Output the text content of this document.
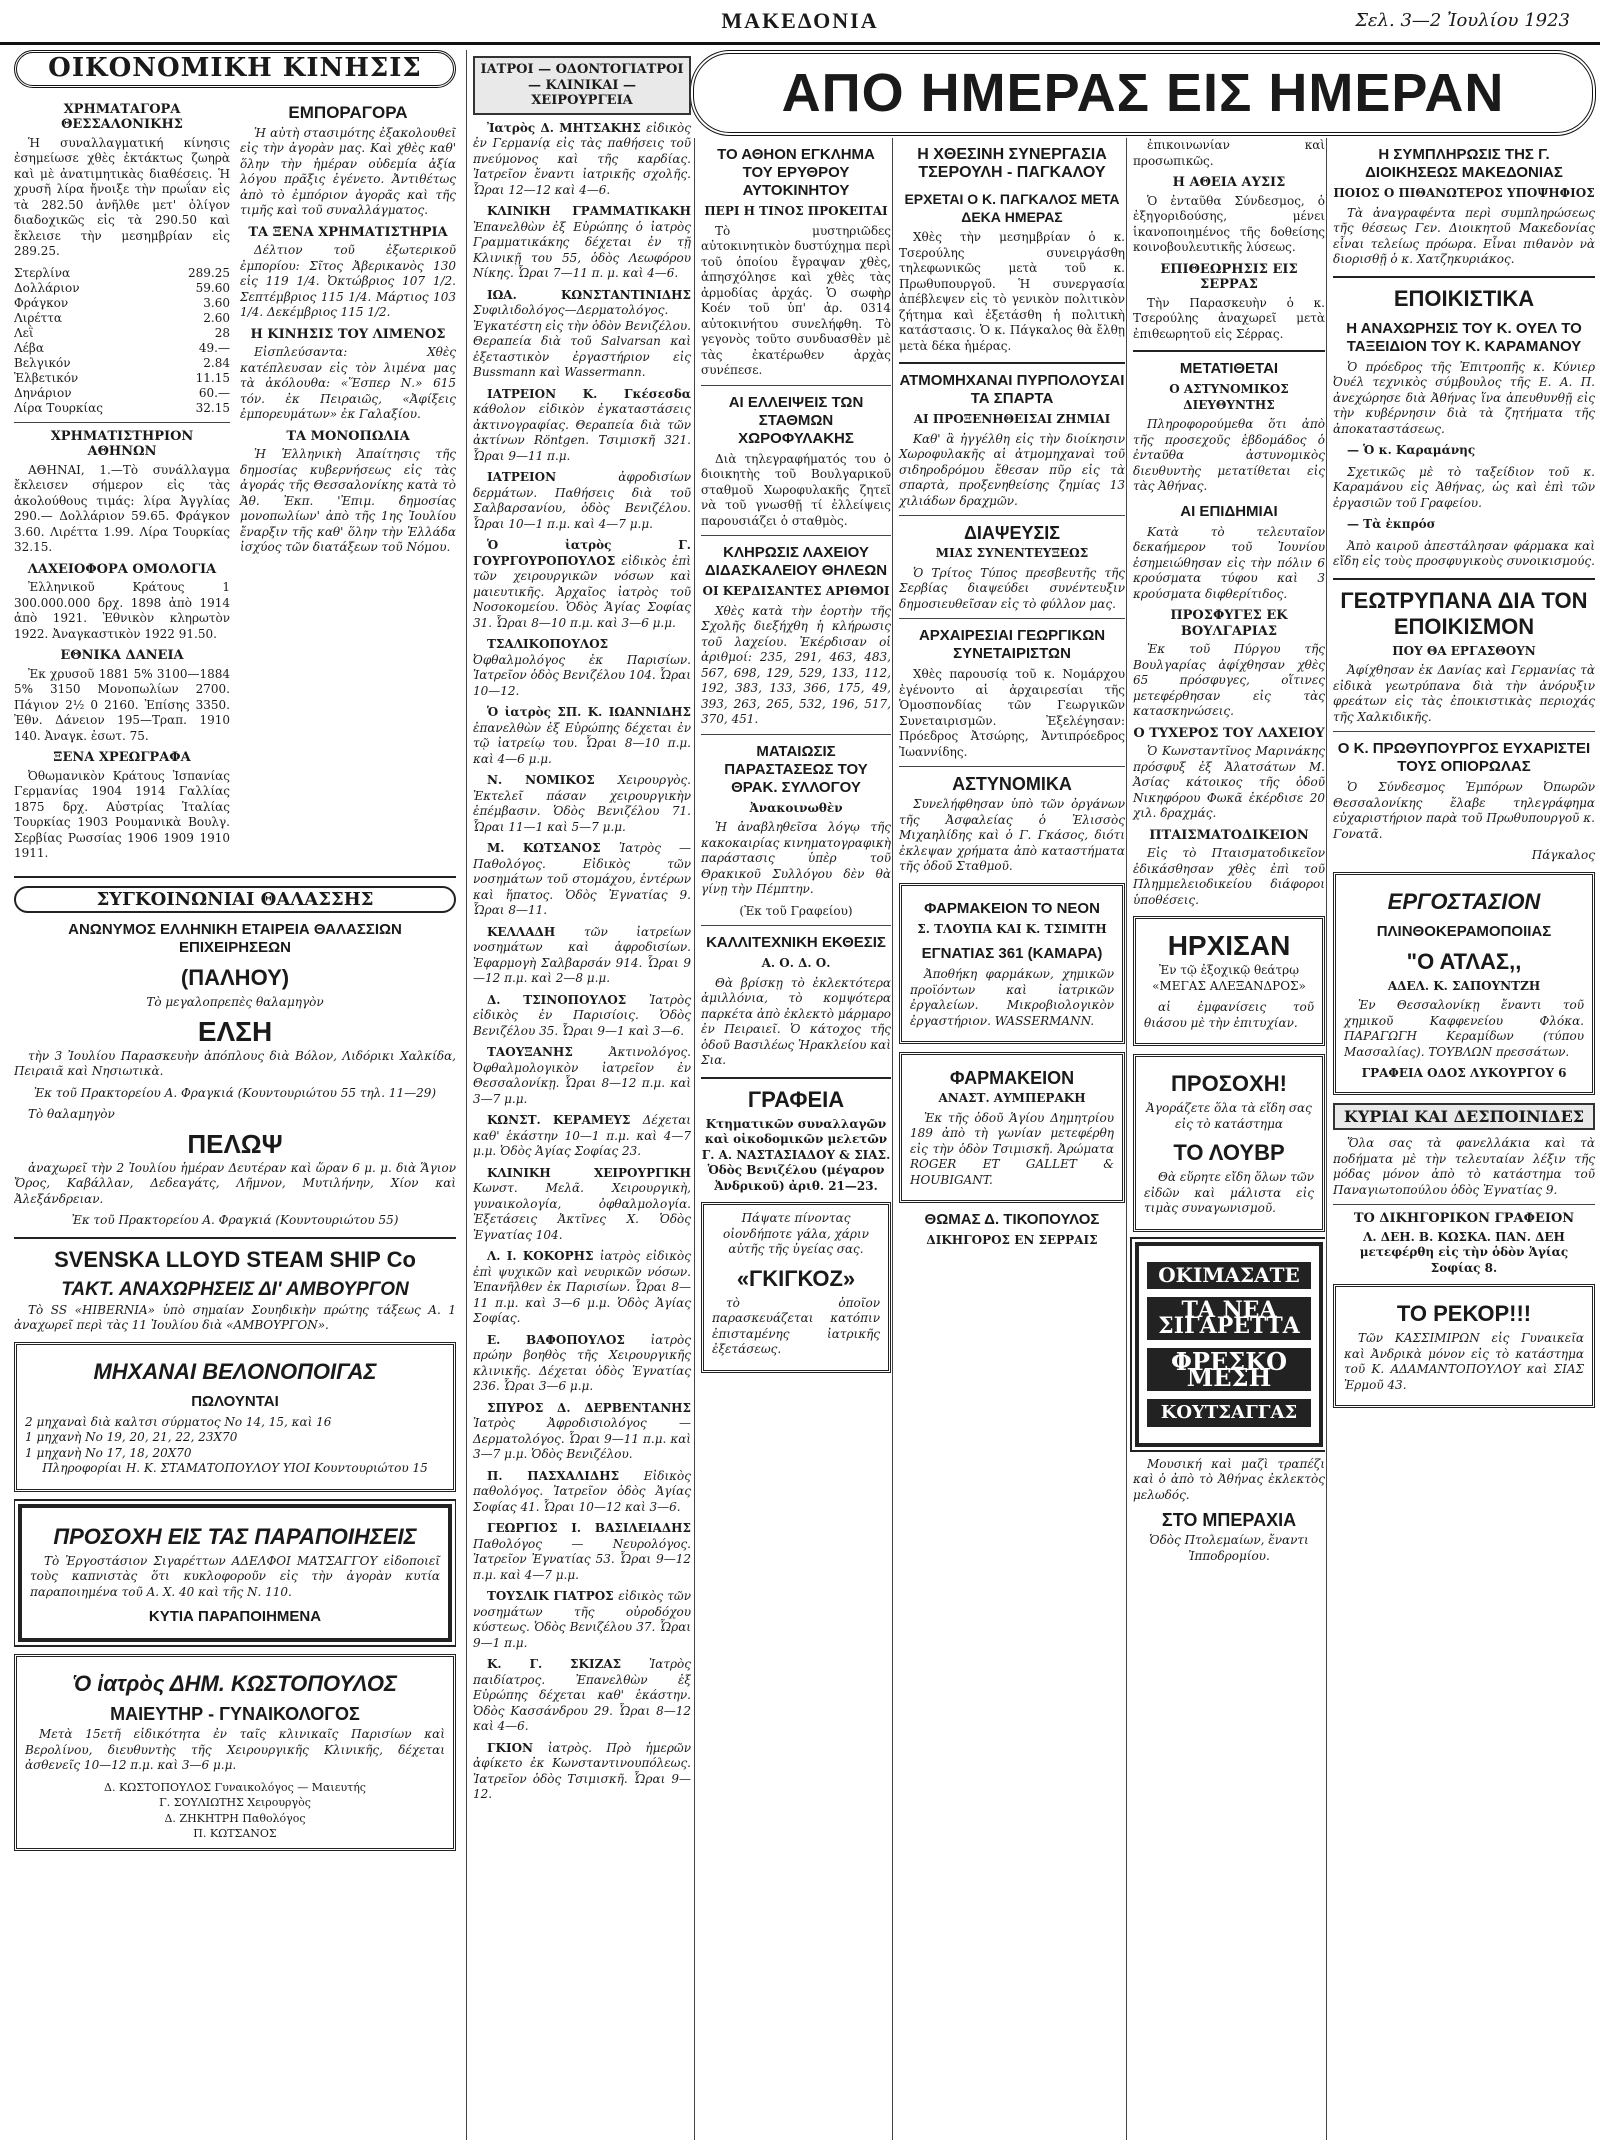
ΜΑΚΕΔΟΝΙΑ	Σελ. 3—2 Ἰουλίου 1923
ΑΠΟ ΗΜΕΡΑΣ ΕΙΣ ΗΜΕΡΑΝ
ΟΙΚΟΝΟΜΙΚΗ ΚΙΝΗΣΙΣ
ΧΡΗΜΑΤΑΓΟΡΑ ΘΕΣΣΑΛΟΝΙΚΗΣ

Ἡ συναλλαγματική κίνησις ἐσημείωσε χθὲς ἐκτάκτως ζωηρὰ καὶ μὲ ἀνατιμητικὰς διαθέσεις. Ἡ χρυσῆ λίρα ἤνοιξε τὴν πρωΐαν εἰς τὰ 282.50 ἀνῆλθε μετ' ὀλίγον διαδοχικῶς εἰς τὰ 290.50 καὶ ἔκλεισε τὴν μεσημβρίαν εἰς 289.25.

Στερλίνα	289.25
Δολλάριον	59.60
Φράγκον	3.60
Λιρέττα	2.60
Λεῒ	28
Λέβα	49.—
Βελγικόν	2.84
Ἑλβετικόν	11.15
Δηνάριον	60.—
Λίρα Τουρκίας	32.15
ΧΡΗΜΑΤΙΣΤΗΡΙΟΝ ΑΘΗΝΩΝ

ΑΘΗΝΑΙ, 1.—Τὸ συνάλλαγμα ἔκλεισεν σήμερον εἰς τὰς ἀκολούθους τιμάς: λίρα Ἀγγλίας 290.— Δολλάριον 59.65. Φράγκον 3.60. Λιρέττα 1.99. Λίρα Τουρκίας 32.15.

ΛΑΧΕΙΟΦΟΡΑ ΟΜΟΛΟΓΙΑ

Ἐλληνικοῦ Κράτους 1 300.000.000 δρχ. 1898 ἀπὸ 1914 ἀπὸ 1921. Ἐθνικὸν κληρωτὸν 1922. Ἀναγκαστικὸν 1922 91.50.

ΕΘΝΙΚΑ ΔΑΝΕΙΑ

Ἐκ χρυσοῦ 1881 5% 3100—1884 5% 3150 Μονοπωλίων 2700. Πάγιον 2½ 0 2160. Ἐπίσης 3350. Ἐθν. Δάνειον 195—Τραπ. 1910 140. Ἀναγκ. ἐσωτ. 75.

ΞΕΝΑ ΧΡΕΩΓΡΑΦΑ

Ὀθωμανικὸν Κράτους Ἰσπανίας Γερμανίας 1904 1914 Γαλλίας 1875 δρχ. Αὐστρίας Ἰταλίας Τουρκίας 1903 Ρουμανικὰ Βουλγ. Σερβίας Ρωσσίας 1906 1909 1910 1911.

ΕΜΠΟΡΑΓΟΡΑ

Ἡ αὐτὴ στασιμότης ἐξακολουθεῖ εἰς τὴν ἀγορὰν μας. Καὶ χθὲς καθ' ὅλην τὴν ἡμέραν οὐδεμία ἀξία λόγου πρᾶξις ἐγένετο. Ἀντιθέτως ἀπὸ τὸ ἐμπόριον ἀγορᾶς καὶ τῆς τιμῆς καὶ τοῦ συναλλάγματος.

ΤΑ ΞΕΝΑ ΧΡΗΜΑΤΙΣΤΗΡΙΑ

Δέλτιον τοῦ ἐξωτερικοῦ ἐμπορίου: Σῖτος Ἀβερικανὸς 130 εἰς 119 1/4. Ὀκτώβριος 107 1/2. Σεπτέμβριος 115 1/4. Μάρτιος 103 1/4. Δεκέμβριος 115 1/2.

Η ΚΙΝΗΣΙΣ ΤΟΥ ΛΙΜΕΝΟΣ

Εἰσπλεύσαντα: Χθὲς κατέπλευσαν εἰς τὸν λιμένα μας τὰ ἀκόλουθα: «Ἕσπερ Ν.» 615 τόν. ἐκ Πειραιῶς, «Ἀφίξεις ἐμπορευμάτων» ἐκ Γαλαξίου.

ΤΑ ΜΟΝΟΠΩΛΙΑ

Ἡ Ἑλληνικὴ Ἀπαίτησις τῆς δημοσίας κυβερνήσεως εἰς τὰς ἀγοράς τῆς Θεσσαλονίκης κατὰ τὸ Ἀθ. Ἐκπ. 'Ἐπιμ. δημοσίας μονοπωλίων' ἀπὸ τῆς 1ης Ἰουλίου ἔναρξιν τῆς καθ' ὅλην τὴν Ἑλλάδα ἰσχύος τῶν διατάξεων τοῦ Νόμου.

ΣΥΓΚΟΙΝΩΝΙΑΙ ΘΑΛΑΣΣΗΣ
ΑΝΩΝΥΜΟΣ ΕΛΛΗΝΙΚΗ ΕΤΑΙΡΕΙΑ ΘΑΛΑΣΣΙΩΝ ΕΠΙΧΕΙΡΗΣΕΩΝ
(ΠΑΛΗΟΥ)

Τὸ μεγαλοπρεπὲς θαλαμηγὸν

ΕΛΣΗ

τὴν 3 Ἰουλίου Παρασκευὴν ἀπόπλους διὰ Βόλον, Λιδόρικι Χαλκίδα, Πειραιᾶ καὶ Νησιωτικὰ.

Ἐκ τοῦ Πρακτορείου Α. Φραγκιά (Κουντουριώτου 55 τηλ. 11—29)

Τὸ θαλαμηγὸν

ΠΕΛΩΨ

ἀναχωρεῖ τὴν 2 Ἰουλίου ἡμέραν Δευτέραν καὶ ὥραν 6 μ. μ. διὰ Ἅγιον Ὄρος, Καβάλλαν, Δεδεαγάτς, Λῆμνον, Μυτιλήνην, Χίον καὶ Ἀλεξάνδρειαν.

Ἐκ τοῦ Πρακτορείου Α. Φραγκιά (Κουντουριώτου 55)

SVENSKA LLOYD STEAM SHIP Co
ΤΑΚΤ. ΑΝΑΧΩΡΗΣΕΙΣ ΔΙ' ΑΜΒΟΥΡΓΟΝ

Τὸ SS «HIBERNIA» ὑπὸ σημαίαν Σουηδικὴν πρώτης τάξεως Α. 1 ἀναχωρεῖ περὶ τὰς 11 Ἰουλίου διὰ «ΑΜΒΟΥΡΓΟΝ».

ΜΗΧΑΝΑΙ ΒΕΛΟΝΟΠΟΙΓΑΣ
ΠΩΛΟΥΝΤΑΙ
2 μηχαναὶ διὰ καλτσι σύρματος Νο 14, 15, καὶ 16
1 μηχανὴ Νο 19, 20, 21, 22, 23Χ70
1 μηχανὴ Νο 17, 18, 20Χ70

Πληροφορίαι Η. Κ. ΣΤΑΜΑΤΟΠΟΥΛΟΥ ΥΙΟΙ Κουντουριώτου 15

ΠΡΟΣΟΧΗ ΕΙΣ ΤΑΣ ΠΑΡΑΠΟΙΗΣΕΙΣ

Τὸ Ἐργοστάσιον Σιγαρέττων ΑΔΕΛΦΟΙ ΜΑΤΣΑΓΓΟΥ εἰδοποιεῖ τοὺς καπνιστὰς ὅτι κυκλοφοροῦν εἰς τὴν ἀγορὰν κυτία παραποιημένα τοῦ Α. Χ. 40 καὶ τῆς Ν. 110.

ΚΥΤΙΑ ΠΑΡΑΠΟΙΗΜΕΝΑ
Ὁ ἰατρὸς ΔΗΜ. ΚΩΣΤΟΠΟΥΛΟΣ
ΜΑΙΕΥΤΗΡ - ΓΥΝΑΙΚΟΛΟΓΟΣ

Μετὰ 15ετῆ εἰδικότητα ἐν ταῖς κλινικαῖς Παρισίων καὶ Βερολίνου, διευθυντὴς τῆς Χειρουργικῆς Κλινικῆς, δέχεται ἀσθενεῖς 10—12 π.μ. καὶ 3—6 μ.μ.

Δ. ΚΩΣΤΟΠΟΥΛΟΣ Γυναικολόγος — Μαιευτής
Γ. ΣΟΥΛΙΩΤΗΣ Χειρουργὸς
Δ. ΖΗΚΗΤΡΗ Παθολόγος
Π. ΚΩΤΣΑΝΟΣ
ΙΑΤΡΟΙ — ΟΔΟΝΤΟΓΙΑΤΡΟΙ — ΚΛΙΝΙΚΑΙ — ΧΕΙΡΟΥΡΓΕΙΑ

Ἰατρὸς Δ. ΜΗΤΣΑΚΗΣ εἰδικὸς ἐν Γερμανίᾳ εἰς τὰς παθήσεις τοῦ πνεύμονος καὶ τῆς καρδίας. Ἰατρεῖον ἔναντι ἰατρικῆς σχολῆς. Ὧραι 12—12 καὶ 4—6.

ΚΛΙΝΙΚΗ ΓΡΑΜΜΑΤΙΚΑΚΗ Ἐπανελθὼν ἐξ Εὐρώπης ὁ ἰατρὸς Γραμματικάκης δέχεται ἐν τῇ Κλινικῇ του 55, ὁδὸς Λεωφόρου Νίκης. Ὧραι 7—11 π. μ. καὶ 4—6.

ΙΩΑ. ΚΩΝΣΤΑΝΤΙΝΙΔΗΣ Συφιλιδολόγος—Δερματολόγος. Ἐγκατέστη εἰς τὴν ὁδὸν Βενιζέλου. Θεραπεία διὰ τοῦ Salvarsan καὶ ἐξεταστικὸν ἐργαστήριον εἰς Bussmann καὶ Wassermann.

ΙΑΤΡΕΙΟΝ Κ. Γκέσεσδα κάθολον εἰδικὸν ἐγκαταστάσεις ἀκτινογραφίας. Θεραπεία διὰ τῶν ἀκτίνων Röntgen. Τσιμισκῆ 321. Ὧραι 9—11 π.μ.

ΙΑΤΡΕΙΟΝ ἀφροδισίων δερμάτων. Παθήσεις διὰ τοῦ Σαλβαρσανίου, ὁδὸς Βενιζέλου. Ὧραι 10—1 π.μ. καὶ 4—7 μ.μ.

Ὁ ἰατρὸς Γ. ΓΟΥΡΓΟΥΡΟΠΟΥΛΟΣ εἰδικὸς ἐπὶ τῶν χειρουργικῶν νόσων καὶ μαιευτικῆς. Ἀρχαῖος ἰατρὸς τοῦ Νοσοκομείου. Ὁδὸς Ἁγίας Σοφίας 31. Ὧραι 8—10 π.μ. καὶ 3—6 μ.μ.

ΤΣΑΛΙΚΟΠΟΥΛΟΣ Ὀφθαλμολόγος ἐκ Παρισίων. Ἰατρεῖον ὁδὸς Βενιζέλου 104. Ὧραι 10—12.

Ὁ ἰατρὸς ΣΠ. Κ. ΙΩΑΝΝΙΔΗΣ ἐπανελθὼν ἐξ Εὐρώπης δέχεται ἐν τῷ ἰατρείῳ του. Ὧραι 8—10 π.μ. καὶ 4—6 μ.μ.

Ν. ΝΟΜΙΚΟΣ Χειρουργὸς. Ἐκτελεῖ πάσαν χειρουργικὴν ἐπέμβασιν. Ὁδὸς Βενιζέλου 71. Ὧραι 11—1 καὶ 5—7 μ.μ.

Μ. ΚΩΤΣΑΝΟΣ Ἰατρὸς — Παθολόγος. Εἰδικὸς τῶν νοσημάτων τοῦ στομάχου, ἐντέρων καὶ ἥπατος. Ὁδὸς Ἐγνατίας 9. Ὧραι 8—11.

ΚΕΛΛΑΔΗ τῶν ἰατρείων νοσημάτων καὶ ἀφροδισίων. Ἐφαρμογὴ Σαλβαρσάν 914. Ὧραι 9—12 π.μ. καὶ 2—8 μ.μ.

Δ. ΤΣΙΝΟΠΟΥΛΟΣ Ἰατρὸς εἰδικὸς ἐν Παρισίοις. Ὁδὸς Βενιζέλου 35. Ὧραι 9—1 καὶ 3—6.

ΤΑΟΥΞΑΝΗΣ Ἀκτινολόγος. Ὀφθαλμολογικὸν ἰατρεῖον ἐν Θεσσαλονίκῃ. Ὧραι 8—12 π.μ. καὶ 3—7 μ.μ.

ΚΩΝΣΤ. ΚΕΡΑΜΕΥΣ Δέχεται καθ' ἑκάστην 10—1 π.μ. καὶ 4—7 μ.μ. Ὁδὸς Ἁγίας Σοφίας 23.

ΚΛΙΝΙΚΗ ΧΕΙΡΟΥΡΓΙΚΗ Κωνστ. Μελᾶ. Χειρουργικὴ, γυναικολογία, ὀφθαλμολογία. Ἐξετάσεις Ἀκτῖνες Χ. Ὁδὸς Ἐγνατίας 104.

Λ. Ι. ΚΟΚΟΡΗΣ ἰατρὸς εἰδικὸς ἐπὶ ψυχικῶν καὶ νευρικῶν νόσων. Ἐπανῆλθεν ἐκ Παρισίων. Ὧραι 8—11 π.μ. καὶ 3—6 μ.μ. Ὁδὸς Ἁγίας Σοφίας.

Ε. ΒΑΦΟΠΟΥΛΟΣ ἰατρὸς πρώην βοηθὸς τῆς Χειρουργικῆς κλινικῆς. Δέχεται ὁδὸς Ἐγνατίας 236. Ὧραι 3—6 μ.μ.

ΣΠΥΡΟΣ Δ. ΔΕΡΒΕΝΤΑΝΗΣ Ἰατρὸς Ἀφροδισιολόγος — Δερματολόγος. Ὧραι 9—11 π.μ. καὶ 3—7 μ.μ. Ὁδὸς Βενιζέλου.

Π. ΠΑΣΧΑΛΙΔΗΣ Εἰδικὸς παθολόγος. Ἰατρεῖον ὁδὸς Ἁγίας Σοφίας 41. Ὧραι 10—12 καὶ 3—6.

ΓΕΩΡΓΙΟΣ Ι. ΒΑΣΙΛΕΙΑΔΗΣ Παθολόγος — Νευρολόγος. Ἰατρεῖον Ἐγνατίας 53. Ὧραι 9—12 π.μ. καὶ 4—7 μ.μ.

ΤΟΥΣΛΙΚ ΓΙΑΤΡΟΣ εἰδικὸς τῶν νοσημάτων τῆς οὐροδόχου κύστεως. Ὁδὸς Βενιζέλου 37. Ὧραι 9—1 π.μ.

Κ. Γ. ΣΚΙΖΑΣ Ἰατρὸς παιδίατρος. Ἐπανελθὼν ἐξ Εὐρώπης δέχεται καθ' ἑκάστην. Ὁδὸς Κασσάνδρου 29. Ὧραι 8—12 καὶ 4—6.

ΓΚΙΟΝ ἰατρὸς. Πρὸ ἡμερῶν ἀφίκετο ἐκ Κωνσταντινουπόλεως. Ἰατρεῖον ὁδὸς Τσιμισκῆ. Ὧραι 9—12.

ΤΟ ΑΘΗΟΝ ΕΓΚΛΗΜΑ ΤΟΥ ΕΡΥΘΡΟΥ ΑΥΤΟΚΙΝΗΤΟΥ
ΠΕΡΙ Η ΤΙΝΟΣ ΠΡΟΚΕΙΤΑΙ

Τὸ μυστηριῶδες αὐτοκινητικὸν δυστύχημα περὶ τοῦ ὁποίου ἔγραψαν χθὲς, ἀπησχόλησε καὶ χθὲς τὰς ἀρμοδίας ἀρχάς. Ὁ σωφὴρ Κοέν τοῦ ὑπ' ἀρ. 0314 αὐτοκινήτου συνελήφθη. Τὸ γεγονὸς τοῦτο συνδυασθὲν μὲ τὰς ἐκατέρωθεν ἀρχὰς συνέπεσε.

ΑΙ ΕΛΛΕΙΨΕΙΣ ΤΩΝ ΣΤΑΘΜΩΝ ΧΩΡΟΦΥΛΑΚΗΣ

Διὰ τηλεγραφήματός του ὁ διοικητὴς τοῦ Βουλγαρικοῦ σταθμοῦ Χωροφυλακῆς ζητεῖ νὰ τοῦ γνωσθῇ τί ἐλλείψεις παρουσιάζει ὁ σταθμὸς.

ΚΛΗΡΩΣΙΣ ΛΑΧΕΙΟΥ ΔΙΔΑΣΚΑΛΕΙΟΥ ΘΗΛΕΩΝ
ΟΙ ΚΕΡΔΙΣΑΝΤΕΣ ΑΡΙΘΜΟΙ

Χθὲς κατὰ τὴν ἑορτὴν τῆς Σχολῆς διεξήχθη ἡ κλήρωσις τοῦ λαχείου. Ἐκέρδισαν οἱ ἀριθμοί: 235, 291, 463, 483, 567, 698, 129, 529, 133, 112, 192, 383, 133, 366, 175, 49, 393, 263, 265, 532, 196, 517, 370, 451.

ΜΑΤΑΙΩΣΙΣ ΠΑΡΑΣΤΑΣΕΩΣ ΤΟΥ ΘΡΑΚ. ΣΥΛΛΟΓΟΥ
Ἀνακοινωθὲν

Ἡ ἀναβληθεῖσα λόγῳ τῆς κακοκαιρίας κινηματογραφικὴ παράστασις ὑπὲρ τοῦ Θρακικοῦ Συλλόγου δὲν θὰ γίνῃ τὴν Πέμπτην.

(Ἐκ τοῦ Γραφείου)

ΚΑΛΛΙΤΕΧΝΙΚΗ ΕΚΘΕΣΙΣ
Α. Ο. Δ. Ο.

Θὰ βρίσκῃ τὸ ἐκλεκτότερα ἀμιλλόνια, τὸ κομψότερα παρκέτα ἀπὸ ἐκλεκτὸ μάρμαρο ἐν Πειραιεῖ. Ὁ κάτοχος τῆς ὁδοῦ Βασιλέως Ἡρακλείου καὶ Σια.

ΓΡΑΦΕΙΑ

Κτηματικῶν συναλλαγῶν καὶ οἰκοδομικῶν μελετῶν Γ. Α. ΝΑΣΤΑΣΙΑΔΟΥ & ΣΙΑΣ. Ὁδὸς Βενιζέλου (μέγαρον Ἀνδρικοῦ) ἀριθ. 21—23.

Πάψατε πίνοντας οἰονδήποτε γάλα, χάριν αὐτῆς τῆς ὑγείας σας.

«ΓΚΙΓΚΟΖ»

τὸ ὁποῖον παρασκευάζεται κατόπιν ἐπισταμένης ἰατρικῆς ἐξετάσεως.

Η ΧΘΕΣΙΝΗ ΣΥΝΕΡΓΑΣΙΑ ΤΣΕΡΟΥΛΗ - ΠΑΓΚΑΛΟΥ
ΕΡΧΕΤΑΙ Ο Κ. ΠΑΓΚΑΛΟΣ ΜΕΤΑ ΔΕΚΑ ΗΜΕΡΑΣ

Χθὲς τὴν μεσημβρίαν ὁ κ. Τσερούλης συνειργάσθη τηλεφωνικῶς μετὰ τοῦ κ. Πρωθυπουργοῦ. Ἡ συνεργασία ἀπέβλεψεν εἰς τὸ γενικὸν πολιτικὸν ζήτημα καὶ ἐξετάσθη ἡ πολιτικὴ κατάστασις. Ὁ κ. Πάγκαλος θὰ ἔλθῃ μετὰ δέκα ἡμέρας.

ΑΤΜΟΜΗΧΑΝΑΙ ΠΥΡΠΟΛΟΥΣΑΙ ΤΑ ΣΠΑΡΤΑ
ΑΙ ΠΡΟΞΕΝΗΘΕΙΣΑΙ ΖΗΜΙΑΙ

Καθ' ἃ ἠγγέλθη εἰς τὴν διοίκησιν Χωροφυλακῆς αἱ ἀτμομηχαναὶ τοῦ σιδηροδρόμου ἔθεσαν πῦρ εἰς τὰ σπαρτὰ, προξενηθείσης ζημίας 13 χιλιάδων δραχμῶν.

ΔΙΑΨΕΥΣΙΣ
ΜΙΑΣ ΣΥΝΕΝΤΕΥΞΕΩΣ

Ὁ Τρίτος Τύπος πρεσβευτῆς τῆς Σερβίας διαψεύδει συνέντευξιν δημοσιευθεῖσαν εἰς τὸ φύλλον μας.

ΑΡΧΑΙΡΕΣΙΑΙ ΓΕΩΡΓΙΚΩΝ ΣΥΝΕΤΑΙΡΙΣΤΩΝ

Χθὲς παρουσίᾳ τοῦ κ. Νομάρχου ἐγένοντο αἱ ἀρχαιρεσίαι τῆς Ὁμοσπονδίας τῶν Γεωργικῶν Συνεταιρισμῶν. Ἐξελέγησαν: Πρόεδρος Ἀτσώρης, Ἀντιπρόεδρος Ἰωαννίδης.

ΑΣΤΥΝΟΜΙΚΑ

Συνελήφθησαν ὑπὸ τῶν ὀργάνων τῆς Ἀσφαλείας ὁ Ἐλισσὸς Μιχαηλίδης καὶ ὁ Γ. Γκάσος, διότι ἐκλεψαν χρήματα ἀπὸ καταστήματα τῆς ὁδοῦ Σταθμοῦ.

ΦΑΡΜΑΚΕΙΟΝ ΤΟ ΝΕΟΝ
Σ. ΤΛΟΥΠΑ ΚΑΙ Κ. ΤΣΙΜΙΤΗ
ΕΓΝΑΤΙΑΣ 361 (ΚΑΜΑΡΑ)

Ἀποθήκη φαρμάκων, χημικῶν προϊόντων καὶ ἰατρικῶν ἐργαλείων. Μικροβιολογικὸν ἐργαστήριον. WASSERMANN.

ΦΑΡΜΑΚΕΙΟΝ
ΑΝΑΣΤ. ΑΥΜΠΕΡΑΚΗ

Ἐκ τῆς ὁδοῦ Ἁγίου Δημητρίου 189 ἀπὸ τὴ γωνίαν μετεφέρθη εἰς τὴν ὁδὸν Τσιμισκῆ. Ἀρώματα ROGER ET GALLET & HOUBIGANT.

ΘΩΜΑΣ Δ. ΤΙΚΟΠΟΥΛΟΣ
ΔΙΚΗΓΟΡΟΣ ΕΝ ΣΕΡΡΑΙΣ

ἐπικοινωνίαν καὶ προσωπικῶς.

Η ΑΘΕΙΑ ΑΥΣΙΣ

Ὁ ἐνταῦθα Σύνδεσμος, ὁ ἐξηγοριδούσης, μένει ἱκανοποιημένος τῆς δοθείσης κοινοβουλευτικῆς λύσεως.

ΕΠΙΘΕΩΡΗΣΙΣ ΕΙΣ ΣΕΡΡΑΣ

Τὴν Παρασκευὴν ὁ κ. Τσερούλης ἀναχωρεῖ μετὰ ἐπιθεωρητοῦ εἰς Σέρρας.

ΜΕΤΑΤΙΘΕΤΑΙ
Ο ΑΣΤΥΝΟΜΙΚΟΣ ΔΙΕΥΘΥΝΤΗΣ

Πληροφορούμεθα ὅτι ἀπὸ τῆς προσεχοῦς ἑβδομάδος ὁ ἐνταῦθα ἀστυνομικὸς διευθυντὴς μετατίθεται εἰς τὰς Ἀθήνας.

ΑΙ ΕΠΙΔΗΜΙΑΙ

Κατὰ τὸ τελευταῖον δεκαήμερον τοῦ Ἰουνίου ἐσημειώθησαν εἰς τὴν πόλιν 6 κρούσματα τύφου καὶ 3 κρούσματα διφθερίτιδος.

ΠΡΟΣΦΥΓΕΣ ΕΚ ΒΟΥΛΓΑΡΙΑΣ

Ἐκ τοῦ Πύργου τῆς Βουλγαρίας ἀφίχθησαν χθὲς 65 πρόσφυγες, οἵτινες μετεφέρθησαν εἰς τὰς κατασκηνώσεις.

Ο ΤΥΧΕΡΟΣ ΤΟΥ ΛΑΧΕΙΟΥ

Ὁ Κωνσταντῖνος Μαρινάκης πρόσφυξ ἐξ Ἀλατσάτων Μ. Ἀσίας κάτοικος τῆς ὁδοῦ Νικηφόρου Φωκᾶ ἐκέρδισε 20 χιλ. δραχμάς.

ΠΤΑΙΣΜΑΤΟΔΙΚΕΙΟΝ

Εἰς τὸ Πταισματοδικεῖον ἐδικάσθησαν χθὲς ἐπὶ τοῦ Πλημμελειοδικείου διάφοροι ὑποθέσεις.

ΗΡΧΙΣΑΝ

Ἐν τῷ ἐξοχικῷ θεάτρῳ «ΜΕΓΑΣ ΑΛΕΞΑΝΔΡΟΣ»

αἱ ἐμφανίσεις τοῦ θιάσου μὲ τὴν ἐπιτυχίαν.

ΠΡΟΣΟΧΗ!

Ἀγοράζετε ὅλα τὰ εἴδη σας εἰς τὸ κατάστημα

ΤΟ ΛΟΥΒΡ

Θὰ εὕρητε εἴδη ὅλων τῶν εἰδῶν καὶ μάλιστα εἰς τιμὰς συναγωνισμοῦ.

ΟΚΙΜΑΣΑΤΕ
ΤΑ ΝΕΑ ΣΙΓΑΡΕΤΤΑ
ΦΡΕΣΚΟ ΜΕΣΗ
ΚΟΥΤΣΑΓΓΑΣ

Μουσική καὶ μαζὶ τραπέζι καὶ ὁ ἀπὸ τὸ Ἀθήνας ἐκλεκτὸς μελωδός.

ΣΤΟ ΜΠΕΡΑΧΙΑ

Ὁδὸς Πτολεμαίων, ἔναντι Ἰπποδρομίου.

Η ΣΥΜΠΛΗΡΩΣΙΣ ΤΗΣ Γ. ΔΙΟΙΚΗΣΕΩΣ ΜΑΚΕΔΟΝΙΑΣ
ΠΟΙΟΣ Ο ΠΙΘΑΝΩΤΕΡΟΣ ΥΠΟΨΗΦΙΟΣ

Τὰ ἀναγραφέντα περὶ συμπληρώσεως τῆς θέσεως Γεν. Διοικητοῦ Μακεδονίας εἶναι τελείως πρόωρα. Εἶναι πιθανὸν νὰ διορισθῇ ὁ κ. Χατζηκυριάκος.

ΕΠΟΙΚΙΣΤΙΚΑ
Η ΑΝΑΧΩΡΗΣΙΣ ΤΟΥ Κ. ΟΥΕΛ ΤΟ ΤΑΞΕΙΔΙΟΝ ΤΟΥ Κ. ΚΑΡΑΜΑΝΟΥ

Ὁ πρόεδρος τῆς Ἐπιτροπῆς κ. Κύνιερ Ὀυέλ τεχνικὸς σύμβουλος τῆς Ε. Α. Π. ἀνεχώρησε διὰ Ἀθήνας ἵνα ἀπευθυνθῇ εἰς τὴν κυβέρνησιν διὰ τὰ ζητήματα τῆς ἀποκαταστάσεως.

— Ὁ κ. Καραμάνης

Σχετικῶς μὲ τὸ ταξείδιον τοῦ κ. Καραμάνου εἰς Ἀθήνας, ὡς καὶ ἐπὶ τῶν ἐργασιῶν τοῦ Γραφείου.

— Τὰ ἐκπρόσ

Ἀπὸ καιροῦ ἀπεστάλησαν φάρμακα καὶ εἴδη εἰς τοὺς προσφυγικοὺς συνοικισμούς.

ΓΕΩΤΡΥΠΑΝΑ ΔΙΑ ΤΟΝ ΕΠΟΙΚΙΣΜΟΝ
ΠΟΥ ΘΑ ΕΡΓΑΣΘΟΥΝ

Ἀφίχθησαν ἐκ Δανίας καὶ Γερμανίας τὰ εἰδικὰ γεωτρύπανα διὰ τὴν ἀνόρυξιν φρεάτων εἰς τὰς ἐποικιστικὰς περιοχάς τῆς Χαλκιδικῆς.

Ο Κ. ΠΡΩΘΥΠΟΥΡΓΟΣ ΕΥΧΑΡΙΣΤΕΙ ΤΟΥΣ ΟΠΙΟΡΩΛΑΣ

Ὁ Σύνδεσμος Ἐμπόρων Ὀπωρῶν Θεσσαλονίκης ἔλαβε τηλεγράφημα εὐχαριστήριον παρὰ τοῦ Πρωθυπουργοῦ κ. Γονατᾶ.

Πάγκαλος

ΕΡΓΟΣΤΑΣΙΟΝ
ΠΛΙΝΘΟΚΕΡΑΜΟΠΟΙΙΑΣ
"Ο ΑΤΛΑΣ,,
ΑΔΕΛ. Κ. ΣΑΠΟΥΝΤΖΗ

Ἐν Θεσσαλονίκῃ ἔναντι τοῦ χημικοῦ Καφφενείου Φλόκα. ΠΑΡΑΓΩΓΗ Κεραμίδων (τύπου Μασσαλίας). ΤΟΥΒΛΩΝ πρεσσάτων.

ΓΡΑΦΕΙΑ ΟΔΟΣ ΛΥΚΟΥΡΓΟΥ 6
ΚΥΡΙΑΙ ΚΑΙ ΔΕΣΠΟΙΝΙΔΕΣ

Ὅλα σας τὰ φανελλάκια καὶ τὰ ποδήματα μὲ τὴν τελευταίαν λέξιν τῆς μόδας μόνον ἀπὸ τὸ κατάστημα τοῦ Παναγιωτοπούλου ὁδὸς Ἐγνατίας 9.

ΤΟ ΔΙΚΗΓΟΡΙΚΟΝ ΓΡΑΦΕΙΟΝ

Λ. ΔΕΗ. Β. ΚΩΣΚΑ. ΠΑΝ. ΔΕΗ μετεφέρθη εἰς τὴν ὁδὸν Ἁγίας Σοφίας 8.

ΤΟ ΡΕΚΟΡ!!!

Τῶν ΚΑΣΣΙΜΙΡΩΝ εἰς Γυναικεῖα καὶ Ἀνδρικὰ μόνον εἰς τὸ κατάστημα τοῦ Κ. ΑΔΑΜΑΝΤΟΠΟΥΛΟΥ καὶ ΣΙΑΣ Ἐρμοῦ 43.
